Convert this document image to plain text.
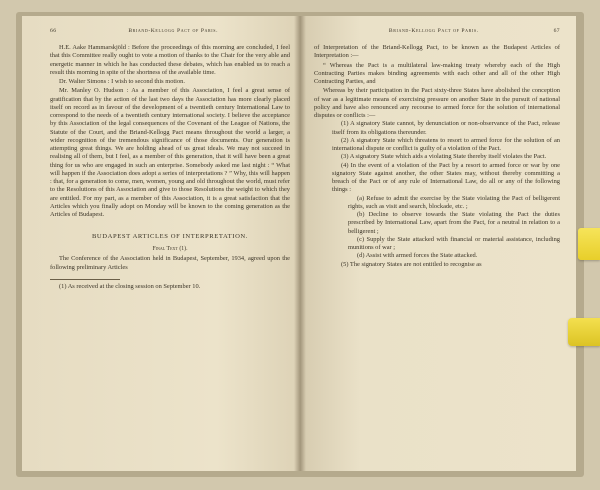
66	Briand-Kellogg Pact of Paris.

H.E. Aake Hammarskjöld : Before the proceedings of this morning are concluded, I feel that this Committee really ought to vote a motion of thanks to the Chair for the very able and energetic manner in which he has conducted these debates, which has enabled us to reach a result this morning in spite of the shortness of the available time.

Dr. Walter Simons : I wish to second this motion.

Mr. Manley O. Hudson : As a member of this Association, I feel a great sense of gratification that by the action of the last two days the Association has more clearly placed itself on record as in favour of the development of a twentieth century International Law to correspond to the needs of a twentieth century international society. I believe the acceptance by this Association of the legal consequences of the Covenant of the League of Nations, the Statute of the Court, and the Briand-Kellogg Pact means throughout the world a larger, a wider recognition of the tremendous significance of those documents. Our generation is attempting great things. We are holding ahead of us great ideals. We may not succeed in realising all of them, but I feel, as a member of this generation, that it will have been a great thing for us who are engaged in such an enterprise. Somebody asked me last night : “ What will happen if the Association does adopt a series of interpretations ? ” Why, this will happen : that, for a generation to come, men, women, young and old throughout the world, must refer to the Resolutions of this Association and give to those Resolutions the weight to which they are entitled. For my part, as a member of this Association, it is a great satisfaction that the Articles which you finally adopt on Monday will be known to the coming generation as the Articles of Budapest.

BUDAPEST ARTICLES OF INTERPRETATION.
Final Text (1).

The Conference of the Association held in Budapest, September, 1934, agreed upon the following preliminary Articles

(1) As received at the closing session on September 10.

Briand-Kellogg Pact of Paris.	67

of Interpretation of the Briand-Kellogg Pact, to be known as the Budapest Articles of Interpretation :—

“ Whereas the Pact is a multilateral law-making treaty whereby each of the High Contracting Parties makes binding agreements with each other and all of the other High Contracting Parties, and

Whereas by their participation in the Pact sixty-three States have abolished the conception of war as a legitimate means of exercising pressure on another State in the pursuit of national policy and have also renounced any recourse to armed force for the solution of international disputes or conflicts :—

(1) A signatory State cannot, by denunciation or non-observance of the Pact, release itself from its obligations thereunder.

(2) A signatory State which threatens to resort to armed force for the solution of an international dispute or conflict is guilty of a violation of the Pact.

(3) A signatory State which aids a violating State thereby itself violates the Pact.

(4) In the event of a violation of the Pact by a resort to armed force or war by one signatory State against another, the other States may, without thereby committing a breach of the Pact or of any rule of International Law, do all or any of the following things :

(a) Refuse to admit the exercise by the State violating the Pact of belligerent rights, such as visit and search, blockade, etc. ;

(b) Decline to observe towards the State violating the Pact the duties prescribed by International Law, apart from the Pact, for a neutral in relation to a belligerent ;

(c) Supply the State attacked with financial or material assistance, including munitions of war ;

(d) Assist with armed forces the State attacked.

(5) The signatory States are not entitled to recognise as
